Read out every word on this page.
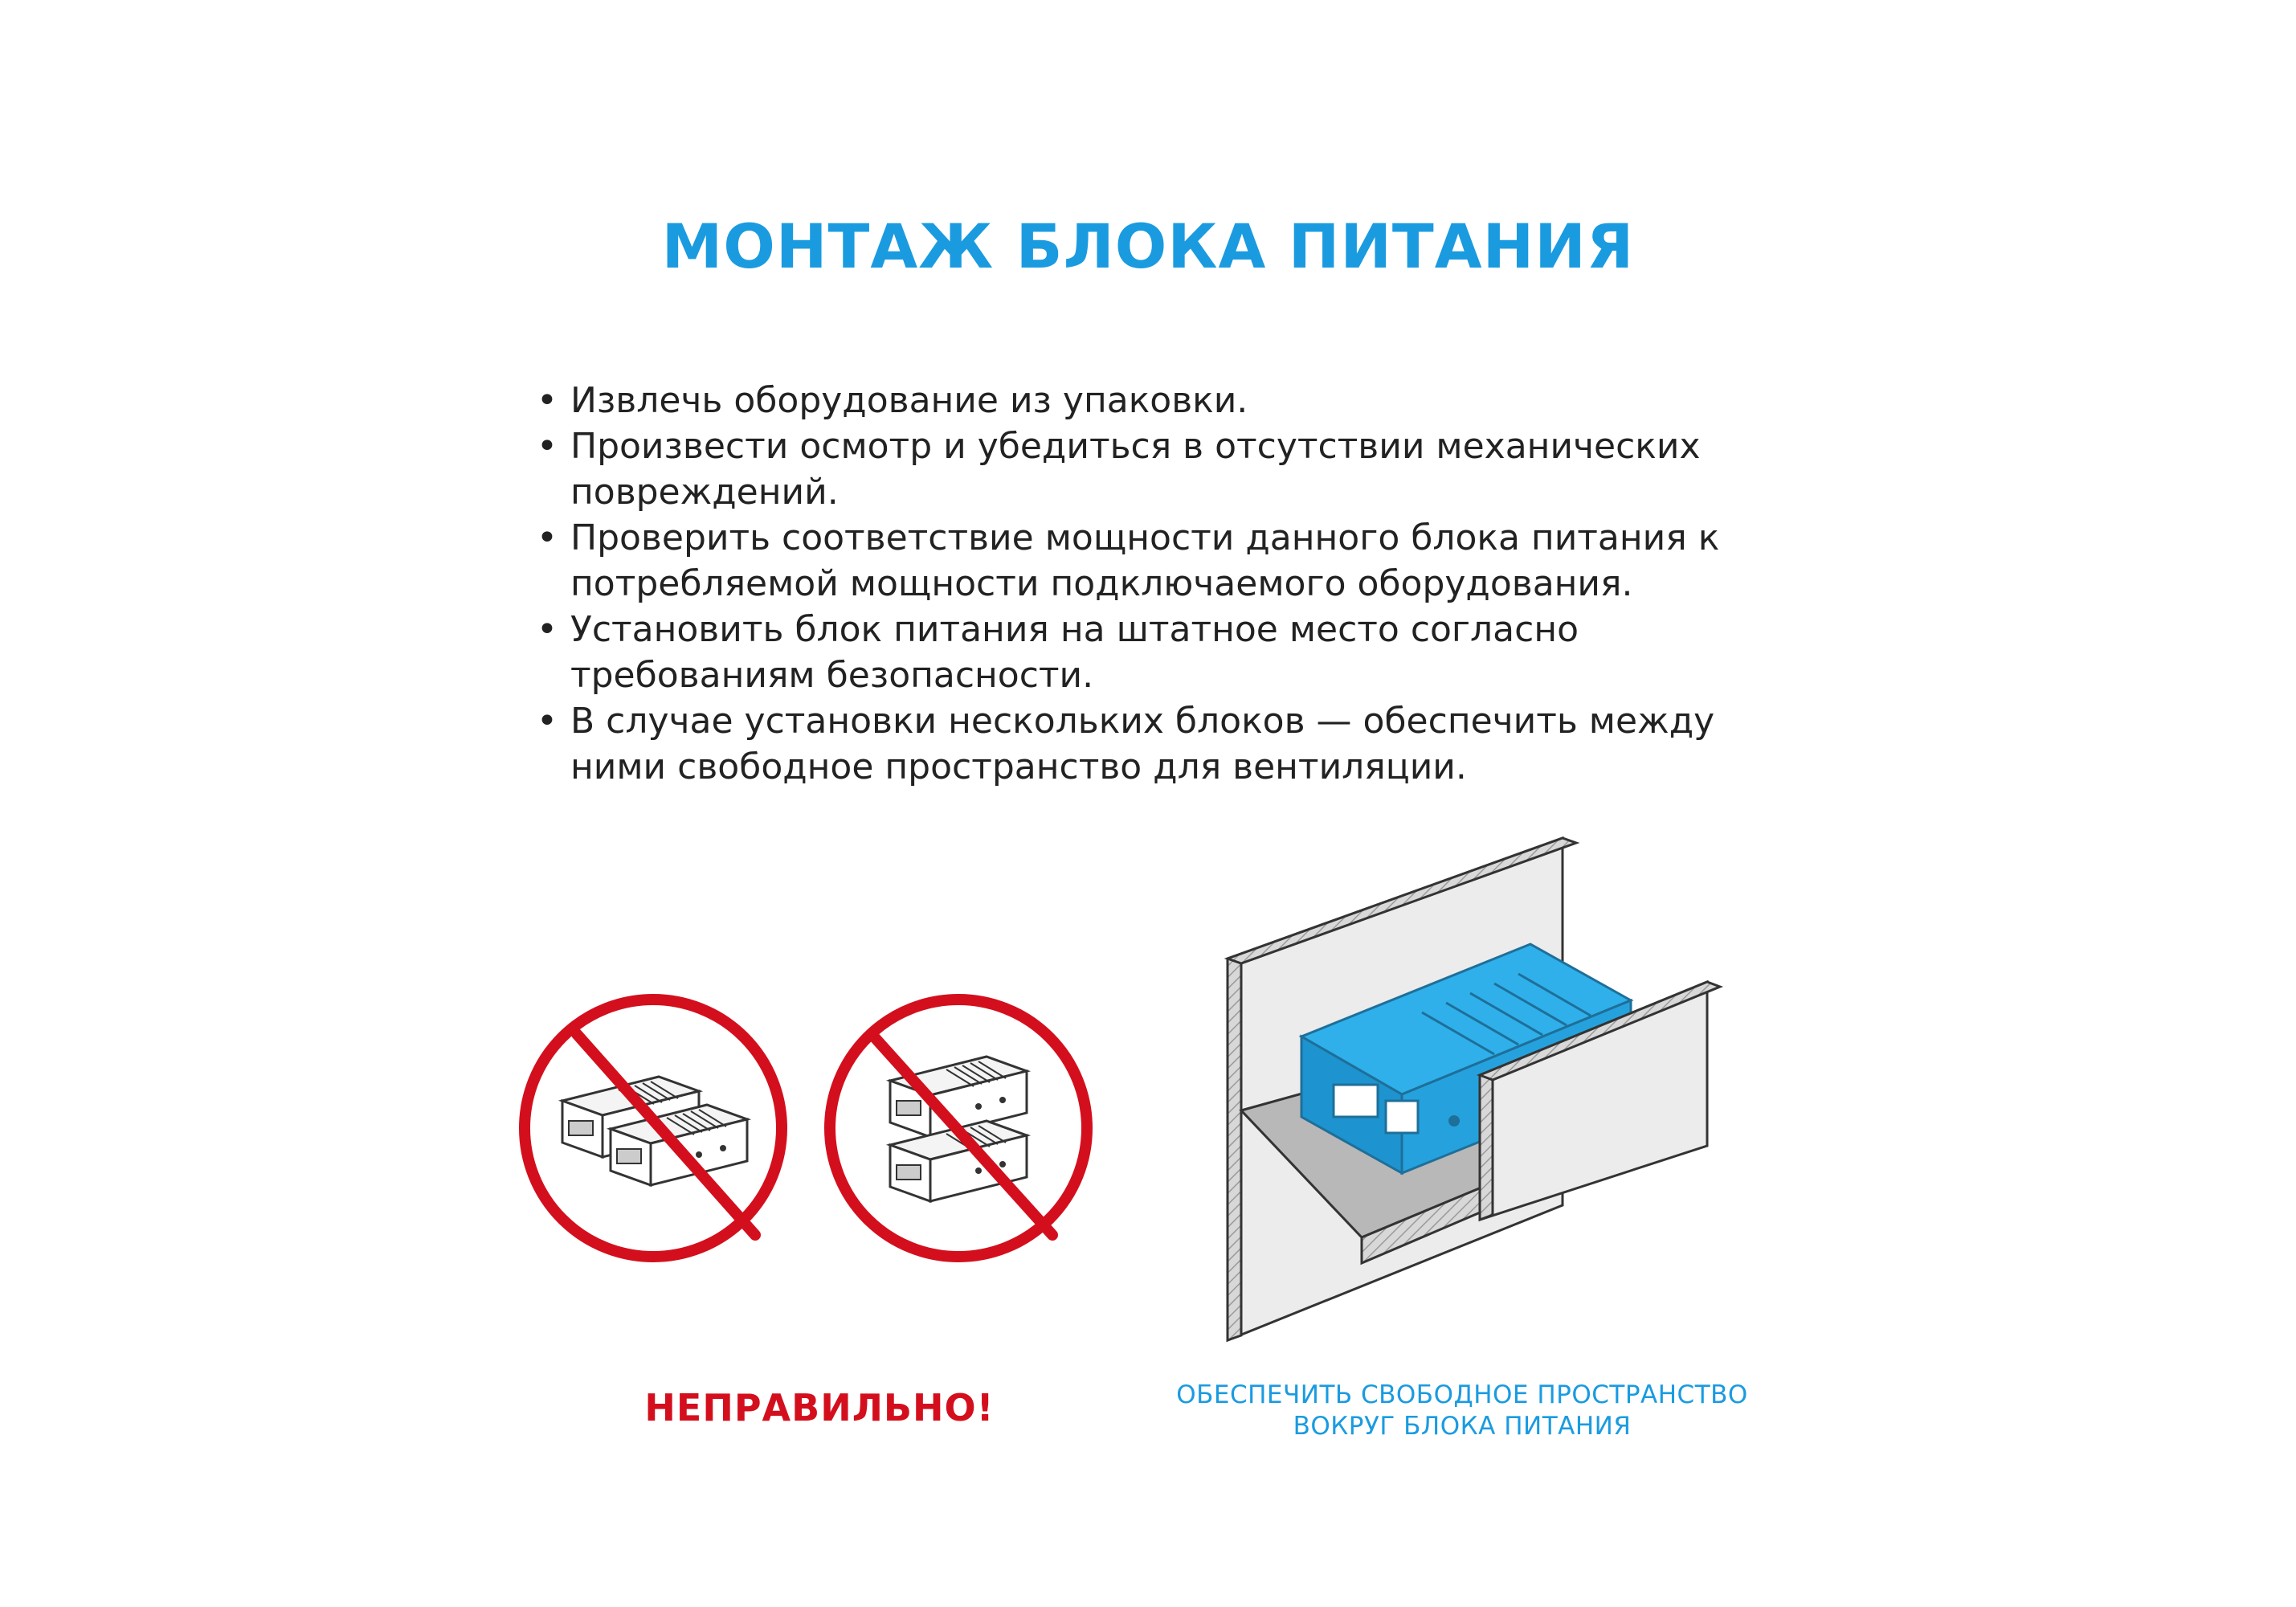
МОНТАЖ БЛОКА ПИТАНИЯ
• Извлечь оборудование из упаковки.
• Произвести осмотр и убедиться в отсутствии механических повреждений.
• Проверить соответствие мощности данного блока питания к потребляемой мощности подключаемого оборудования.
• Установить блок питания на штатное место согласно требованиям безопасности.
• В случае установки нескольких блоков — обеспечить между ними свободное пространство для вентиляции.
НЕПРАВИЛЬНО!	ОБЕСПЕЧИТЬ СВОБОДНОЕ ПРОСТРАНСТВО
ВОКРУГ БЛОКА ПИТАНИЯ
